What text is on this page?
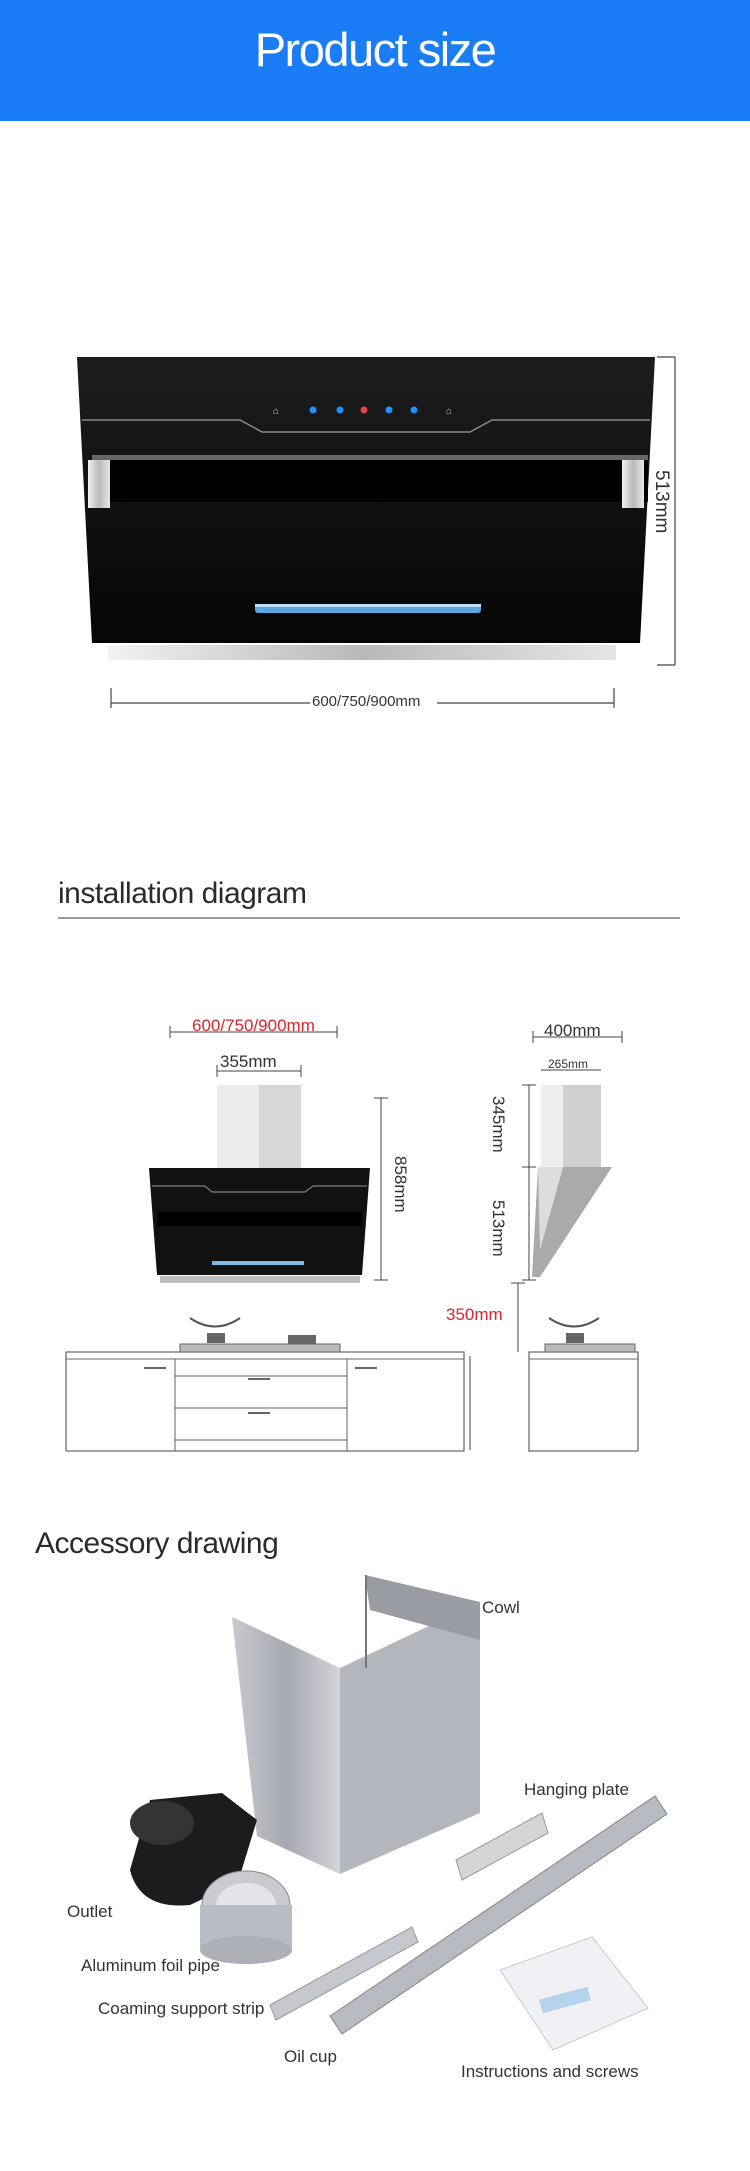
Product size
⌂	⌂
600/750/900mm
513mm
installation diagram
600/750/900mm
355mm
858mm
350mm
400mm
265mm
345mm
513mm
Accessory drawing
Cowl
Hanging plate
Outlet
Aluminum foil pipe
Coaming support strip
Oil cup
Instructions and screws
